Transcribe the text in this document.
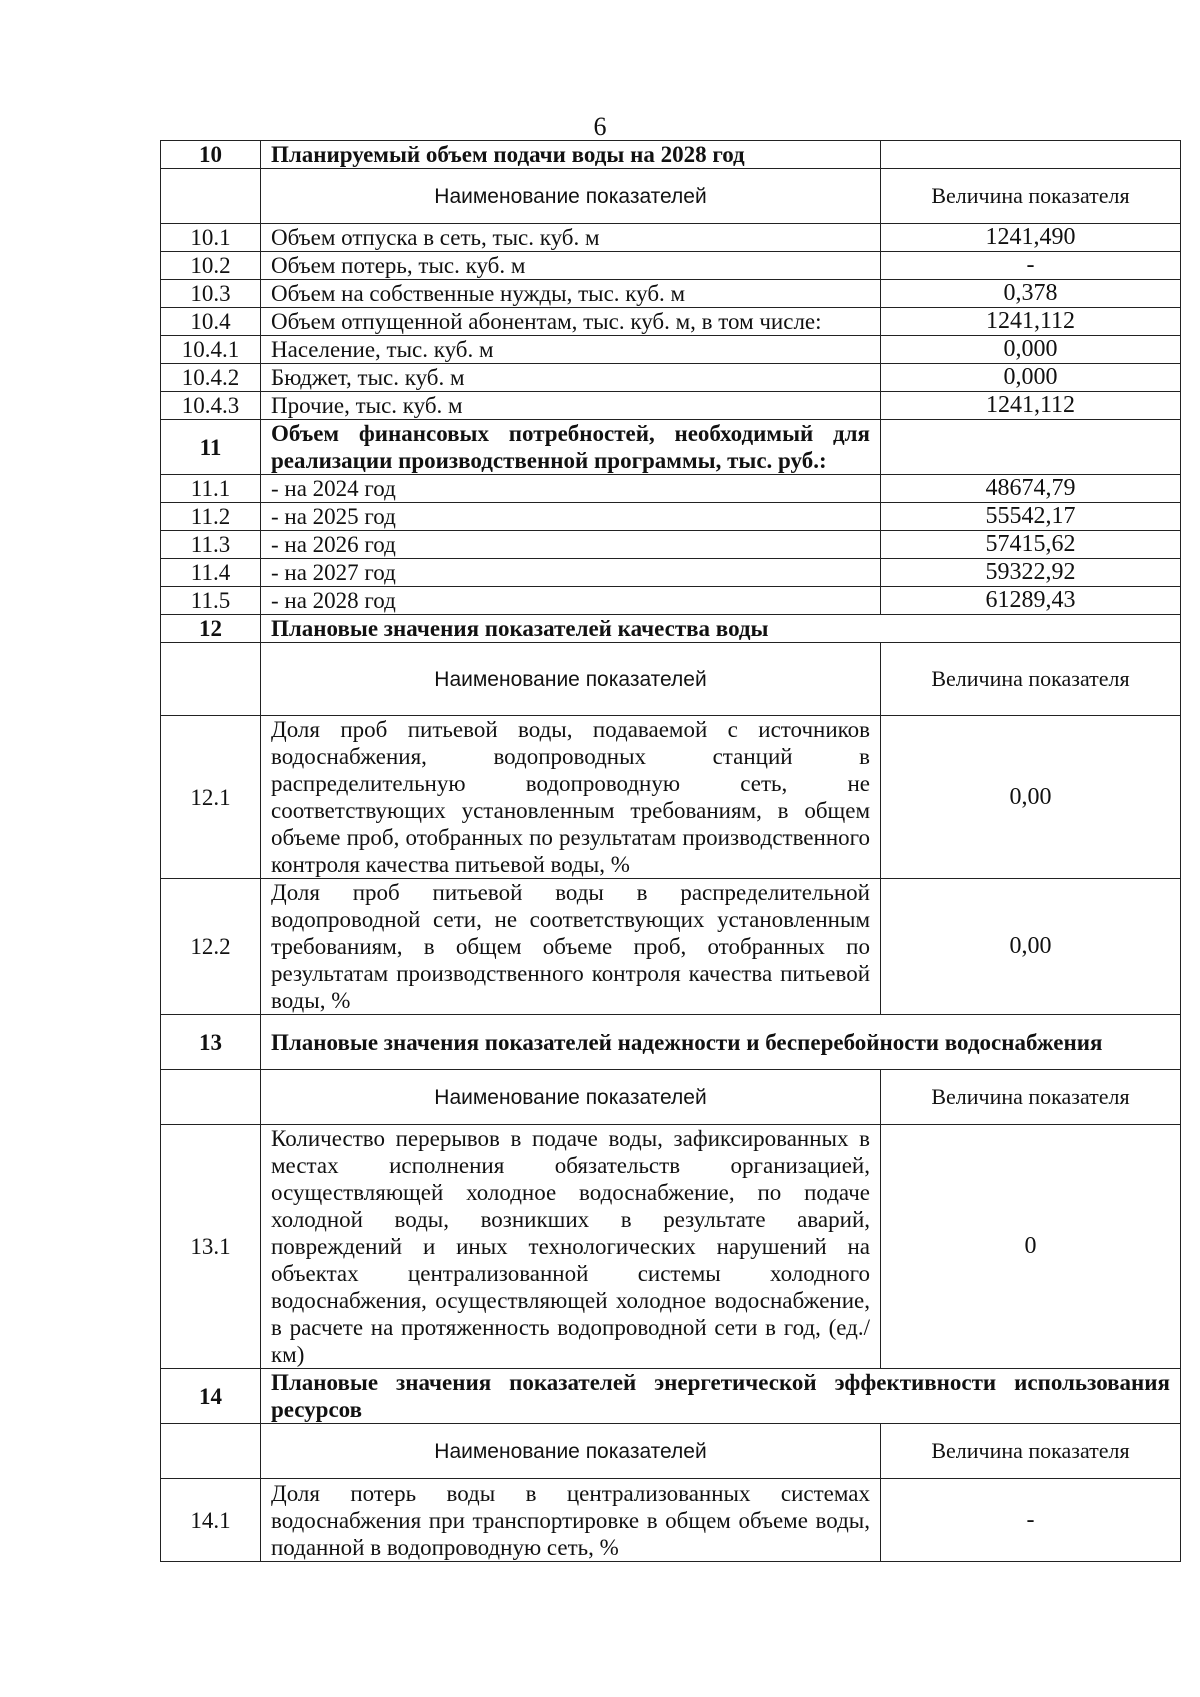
6
10	Планируемый объем подачи воды на 2028 год	
	Наименование показателей	Величина показателя
10.1	Объем отпуска в сеть, тыс. куб. м	1241,490
10.2	Объем потерь, тыс. куб. м	-
10.3	Объем на собственные нужды, тыс. куб. м	0,378
10.4	Объем отпущенной абонентам, тыс. куб. м, в том числе:	1241,112
10.4.1	Население, тыс. куб. м	0,000
10.4.2	Бюджет, тыс. куб. м	0,000
10.4.3	Прочие, тыс. куб. м	1241,112
11	Объем финансовых потребностей, необходимый для реализации производственной программы, тыс. руб.:	
11.1	- на 2024 год	48674,79
11.2	- на 2025 год	55542,17
11.3	- на 2026 год	57415,62
11.4	- на 2027 год	59322,92
11.5	- на 2028 год	61289,43
12	Плановые значения показателей качества воды	
	Наименование показателей	Величина показателя
12.1	Доля проб питьевой воды, подаваемой с источников водоснабжения, водопроводных станций в распределительную водопроводную сеть, не соответствующих установленным требованиям, в общем объеме проб, отобранных по результатам производственного контроля качества питьевой воды, %	0,00
12.2	Доля проб питьевой воды в распределительной водопроводной сети, не соответствующих установленным требованиям, в общем объеме проб, отобранных по результатам производственного контроля качества питьевой воды, %	0,00
13	Плановые значения показателей надежности и бесперебойности водоснабжения	
	Наименование показателей	Величина показателя
13.1	Количество перерывов в подаче воды, зафиксированных в местах исполнения обязательств организацией, осуществляющей холодное водоснабжение, по подаче холодной воды, возникших в результате аварий, повреждений и иных технологических нарушений на объектах централизованной системы холодного водоснабжения, осуществляющей холодное водоснабжение, в расчете на протяженность водопроводной сети в год, (ед./км)	0
14	Плановые значения показателей энергетической эффективности использования ресурсов	
	Наименование показателей	Величина показателя
14.1	Доля потерь воды в централизованных системах водоснабжения при транспортировке в общем объеме воды, поданной в водопроводную сеть, %	-
